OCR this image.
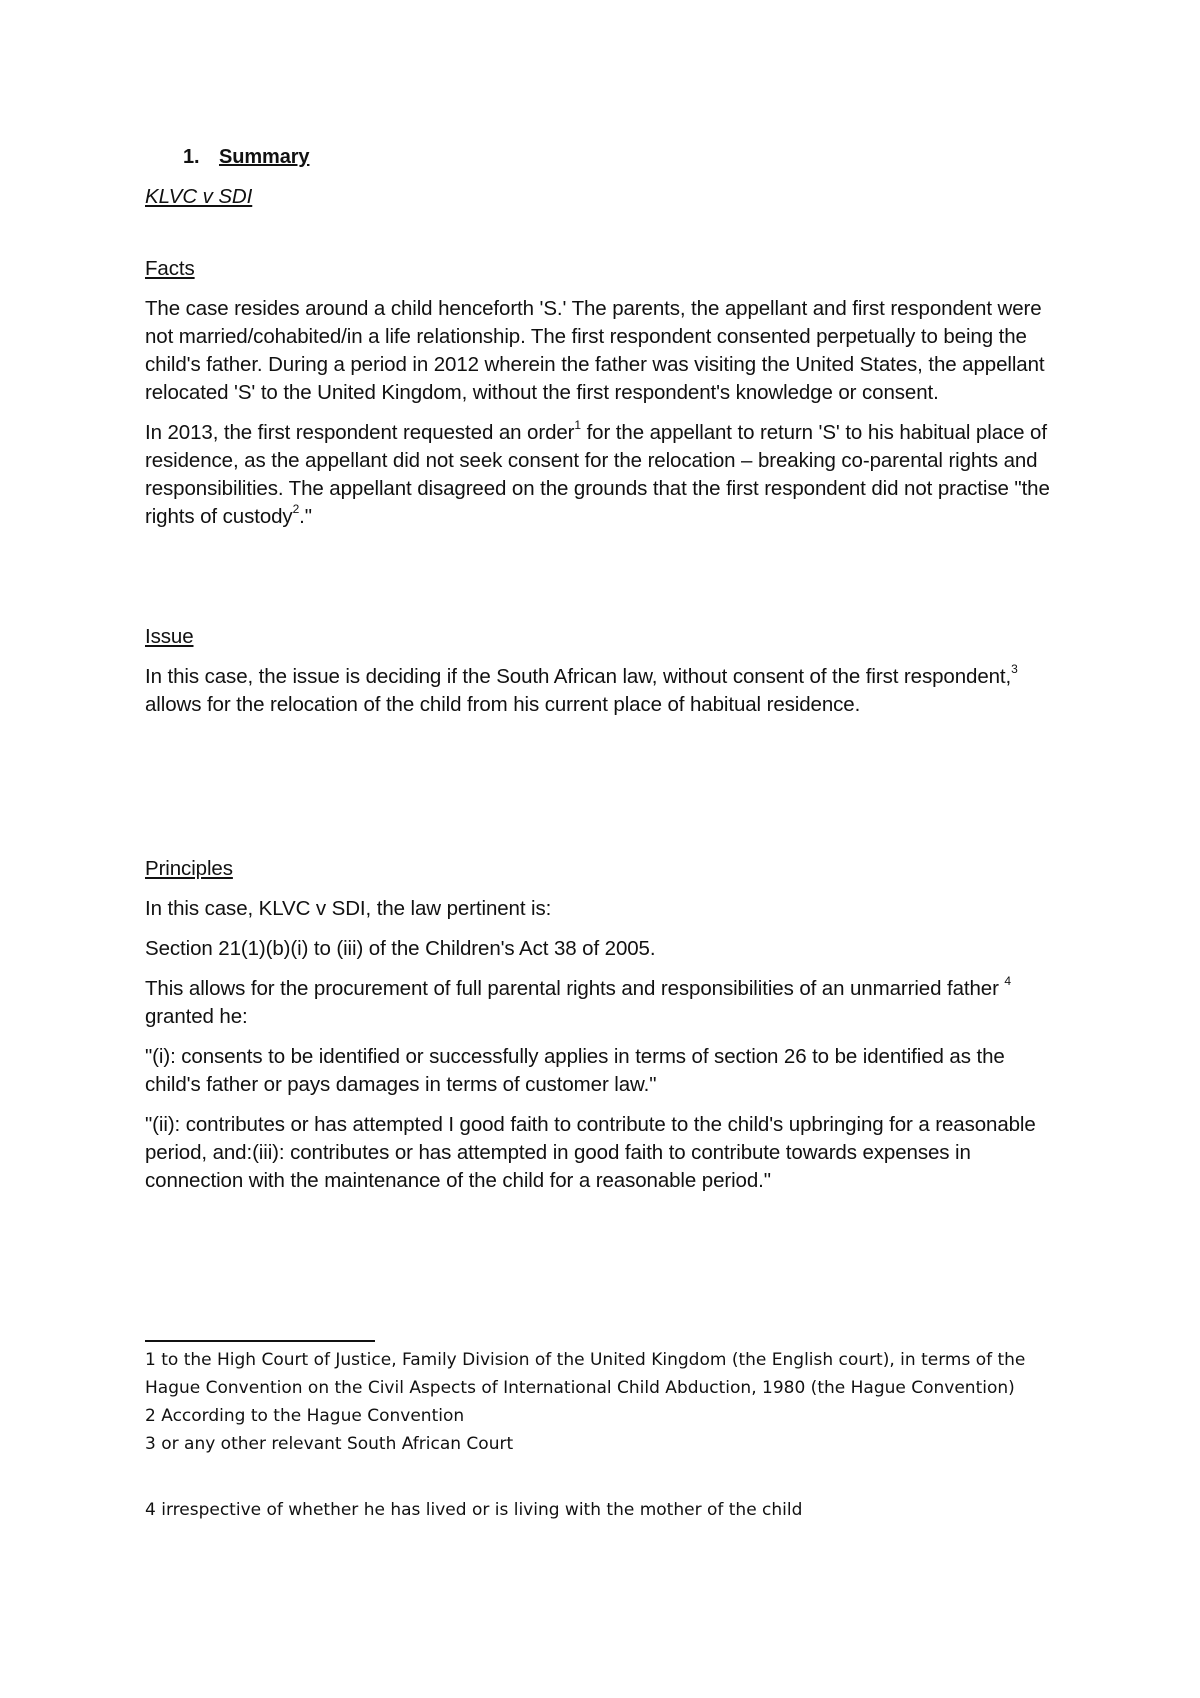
1. Summary
KLVC v SDI
Facts

The case resides around a child henceforth 'S.' The parents, the appellant and first respondent were not married/cohabited/in a life relationship. The first respondent consented perpetually to being the child's father. During a period in 2012 wherein the father was visiting the United States, the appellant relocated 'S' to the United Kingdom, without the first respondent's knowledge or consent.

In 2013, the first respondent requested an order$^1$ for the appellant to return 'S' to his habitual place of residence, as the appellant did not seek consent for the relocation – breaking co-parental rights and responsibilities. The appellant disagreed on the grounds that the first respondent did not practise "the rights of custody$^2$."

Issue

In this case, the issue is deciding if the South African law, without consent of the first respondent,$^3$ allows for the relocation of the child from his current place of habitual residence.

Principles

In this case, KLVC v SDI, the law pertinent is:

Section 21(1)(b)(i) to (iii) of the Children's Act 38 of 2005.

This allows for the procurement of full parental rights and responsibilities of an unmarried father $^4$ granted he:

"(i): consents to be identified or successfully applies in terms of section 26 to be identified as the child's father or pays damages in terms of customer law."

"(ii): contributes or has attempted I good faith to contribute to the child's upbringing for a reasonable period, and:(iii): contributes or has attempted in good faith to contribute towards expenses in connection with the maintenance of the child for a reasonable period."

1 to the High Court of Justice, Family Division of the United Kingdom (the English court), in terms of the Hague Convention on the Civil Aspects of International Child Abduction, 1980 (the Hague Convention)

2 According to the Hague Convention

3 or any other relevant South African Court

4 irrespective of whether he has lived or is living with the mother of the child
